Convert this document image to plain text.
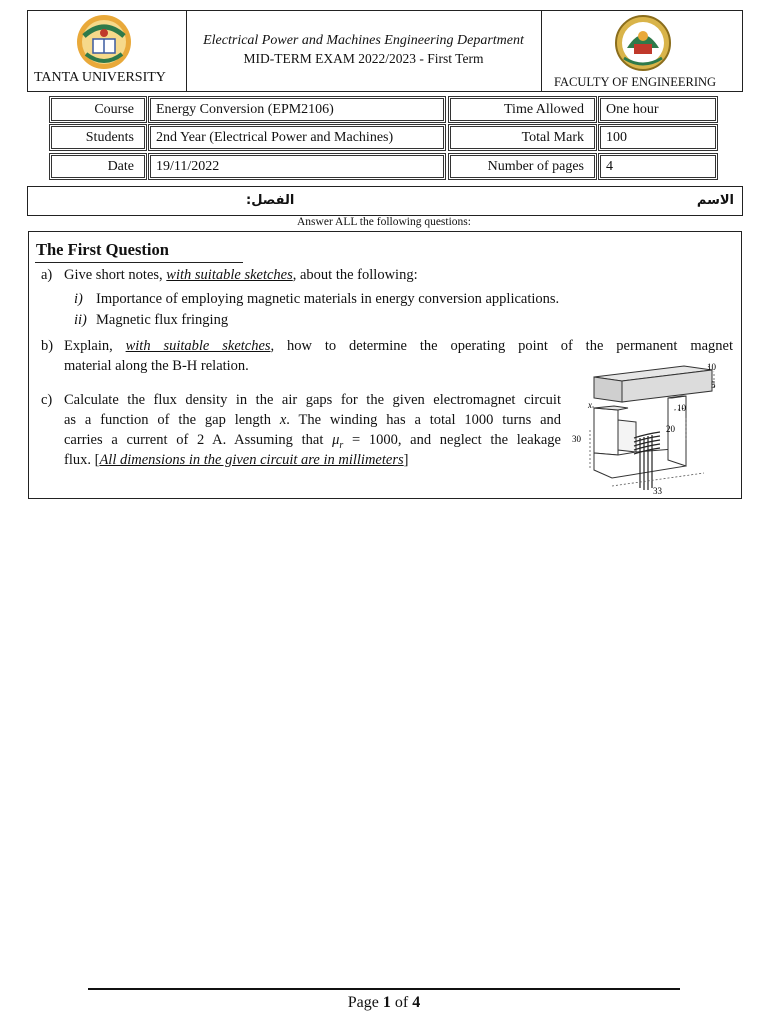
TANTA UNIVERSITY
Electrical Power and Machines Engineering Department
MID-TERM EXAM 2022/2023 - First Term
FACULTY OF ENGINEERING
Course	Energy Conversion (EPM2106)	Time Allowed	One hour
Students	2nd Year (Electrical Power and Machines)	Total Mark	100
Date	19/11/2022	Number of pages	4
الاسم
الفصل:
Answer ALL the following questions:
The First Question
a) Give short notes, with suitable sketches, about the following:
i) Importance of employing magnetic materials in energy conversion applications.
ii) Magnetic flux fringing
b) Explain, with suitable sketches, how to determine the operating point of the permanent magnet
material along the B-H relation.
c) Calculate the flux density in the air gaps for the given electromagnet circuit
as a function of the gap length x. The winding has a total 1000 turns and
carries a current of 2 A. Assuming that $\mu_r = 1000$, and neglect the leakage
flux. [All dimensions in the given circuit are in millimeters]
10
5
x	10
20
30
33
Page 1 of 4
